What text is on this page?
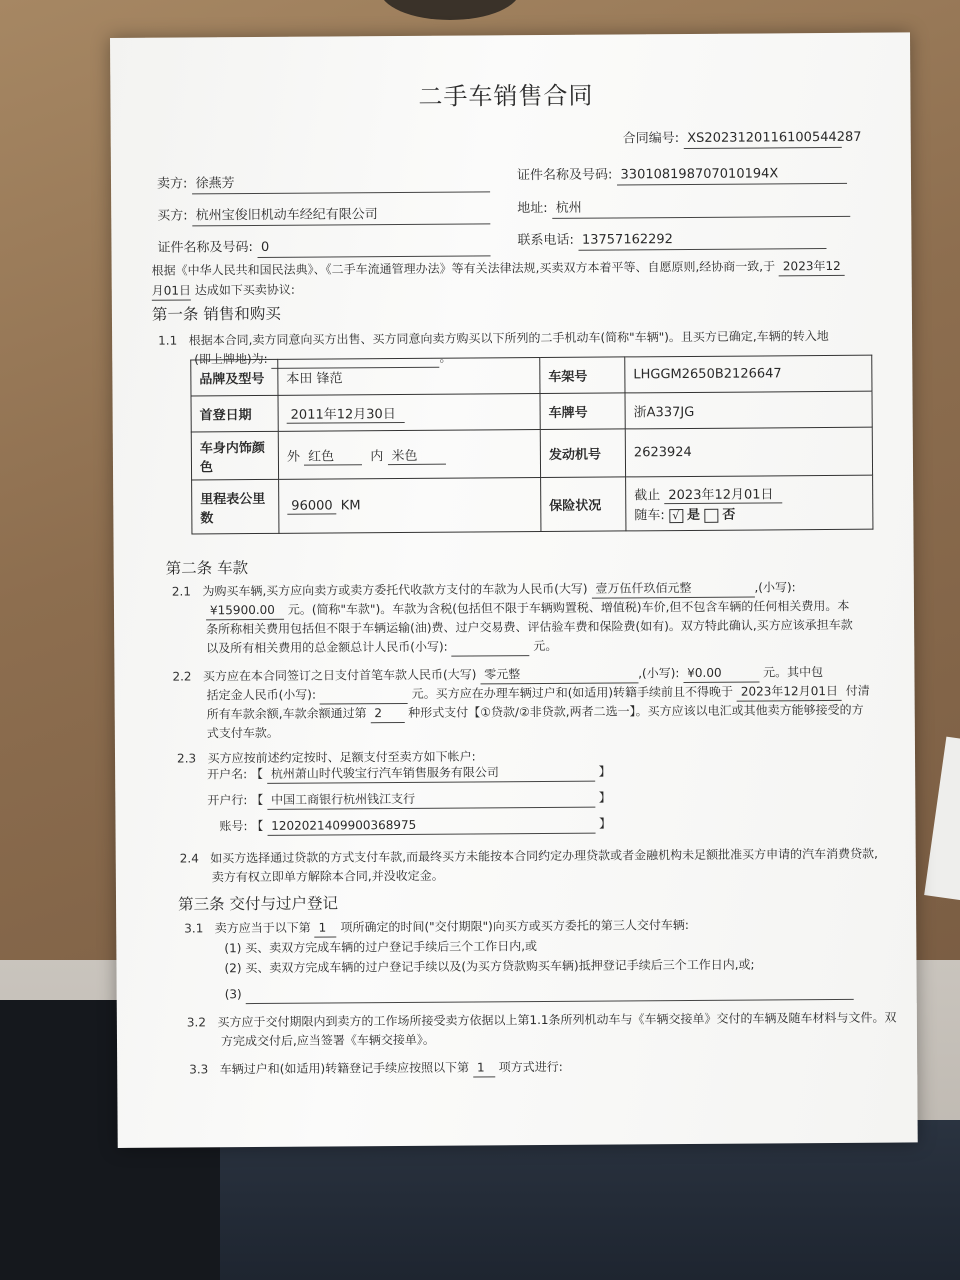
二手车销售合同
合同编号: XS2023120116100544287
卖方: 徐燕芳
证件名称及号码: 330108198707010194X
买方: 杭州宝俊旧机动车经纪有限公司	地址: 杭州
证件名称及号码: 0	联系电话: 13757162292
根据《中华人民共和国民法典》、《二手车流通管理办法》等有关法律法规,买卖双方本着平等、自愿原则,经协商一致,于 2023年12
月01日 达成如下买卖协议:
第一条 销售和购买
1.1 根据本合同,卖方同意向买方出售、买方同意向卖方购买以下所列的二手机动车(简称"车辆")。且买方已确定,车辆的转入地
(即上牌地)为:	。
品牌及型号	本田 锋范	车架号	LHGGM2650B2126647
首登日期	2011年12月30日	车牌号	浙A337JG
车身内饰颜色	外 红色 内 米色	发动机号	2623924
里程表公里数	96000 KM	保险状况	截止 2023年12月01日
随车: √ 是 否
第二条 车款
2.1 为购买车辆,买方应向卖方或卖方委托代收款方支付的车款为人民币(大写) 壹万伍仟玖佰元整	,(小写):
¥15900.00 元。(简称"车款")。车款为含税(包括但不限于车辆购置税、增值税)车价,但不包含车辆的任何相关费用。本
条所称相关费用包括但不限于车辆运输(油)费、过户交易费、评估验车费和保险费(如有)。双方特此确认,买方应该承担车款
以及所有相关费用的总金额总计人民币(小写):	元。
2.2 买方应在本合同签订之日支付首笔车款人民币(大写) 零元整	,(小写): ¥0.00	元。其中包
括定金人民币(小写):	元。买方应在办理车辆过户和(如适用)转籍手续前且不得晚于 2023年12月01日 付清
所有车款余额,车款余额通过第 2 种形式支付【①贷款/②非贷款,两者二选一】。买方应该以电汇或其他卖方能够接受的方
式支付车款。
2.3 买方应按前述约定按时、足额支付至卖方如下帐户:
开户名: 【 杭州萧山时代骏宝行汽车销售服务有限公司	】
开户行: 【 中国工商银行杭州钱江支行	】
账号: 【 1202021409900368975	】
2.4 如买方选择通过贷款的方式支付车款,而最终买方未能按本合同约定办理贷款或者金融机构未足额批准买方申请的汽车消费贷款,
卖方有权立即单方解除本合同,并没收定金。
第三条 交付与过户登记
3.1 卖方应当于以下第 1 项所确定的时间("交付期限")向买方或买方委托的第三人交付车辆:
(1) 买、卖双方完成车辆的过户登记手续后三个工作日内,或
(2) 买、卖双方完成车辆的过户登记手续以及(为买方贷款购买车辆)抵押登记手续后三个工作日内,或;
(3)
3.2 买方应于交付期限内到卖方的工作场所接受卖方依据以上第1.1条所列机动车与《车辆交接单》交付的车辆及随车材料与文件。双
方完成交付后,应当签署《车辆交接单》。
3.3 车辆过户和(如适用)转籍登记手续应按照以下第 1 项方式进行:
